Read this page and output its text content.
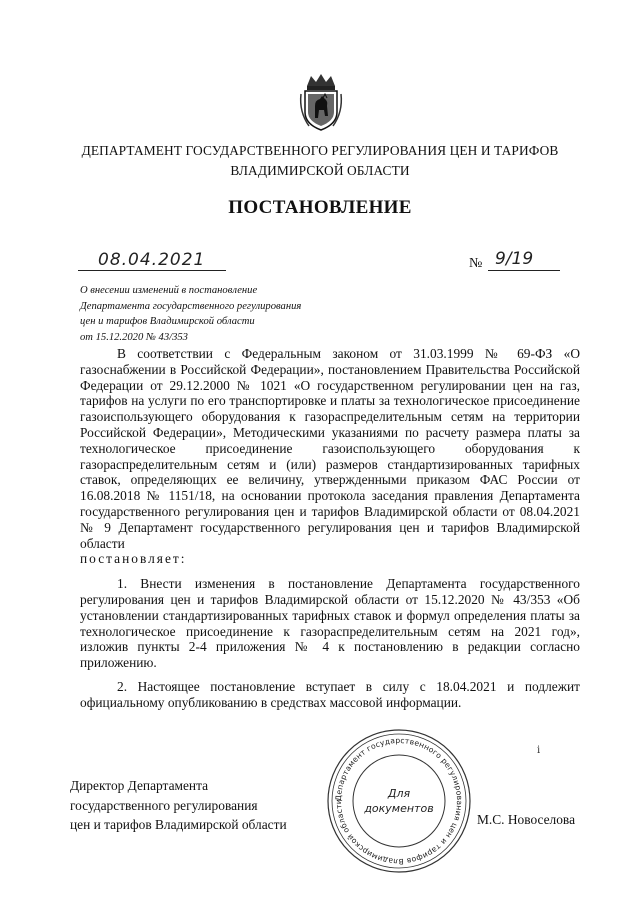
ДЕПАРТАМЕНТ ГОСУДАРСТВЕННОГО РЕГУЛИРОВАНИЯ ЦЕН И ТАРИФОВ
ВЛАДИМИРСКОЙ ОБЛАСТИ
ПОСТАНОВЛЕНИЕ
08.04.2021	№ 9/19
О внесении изменений в постановление
Департамента государственного регулирования
цен и тарифов Владимирской области
от 15.12.2020 № 43/353

В соответствии с Федеральным законом от 31.03.1999 № 69-ФЗ «О газоснабжении в Российской Федерации», постановлением Правительства Российской Федерации от 29.12.2000 № 1021 «О государственном регулировании цен на газ, тарифов на услуги по его транспортировке и платы за технологическое присоединение газоиспользующего оборудования к газораспределительным сетям на территории Российской Федерации», Методическими указаниями по расчету размера платы за технологическое присоединение газоиспользующего оборудования к газораспределительным сетям и (или) размеров стандартизированных тарифных ставок, определяющих ее величину, утвержденными приказом ФАС России от 16.08.2018 № 1151/18, на основании протокола заседания правления Департамента государственного регулирования цен и тарифов Владимирской области от 08.04.2021 № 9 Департамент государственного регулирования цен и тарифов Владимирской области

постановляет:

1. Внести изменения в постановление Департамента государственного регулирования цен и тарифов Владимирской области от 15.12.2020 № 43/353 «Об установлении стандартизированных тарифных ставок и формул определения платы за технологическое присоединение к газораспределительным сетям на 2021 год», изложив пункты 2-4 приложения № 4 к постановлению в редакции согласно приложению.

2. Настоящее постановление вступает в силу с 18.04.2021 и подлежит официальному опубликованию в средствах массовой информации.

ⅰ
Директор Департамента
государственного регулирования
цен и тарифов Владимирской области
Департамент государственного регулирования цен и тарифов Владимирской области
Для
документов
М.С. Новоселова
